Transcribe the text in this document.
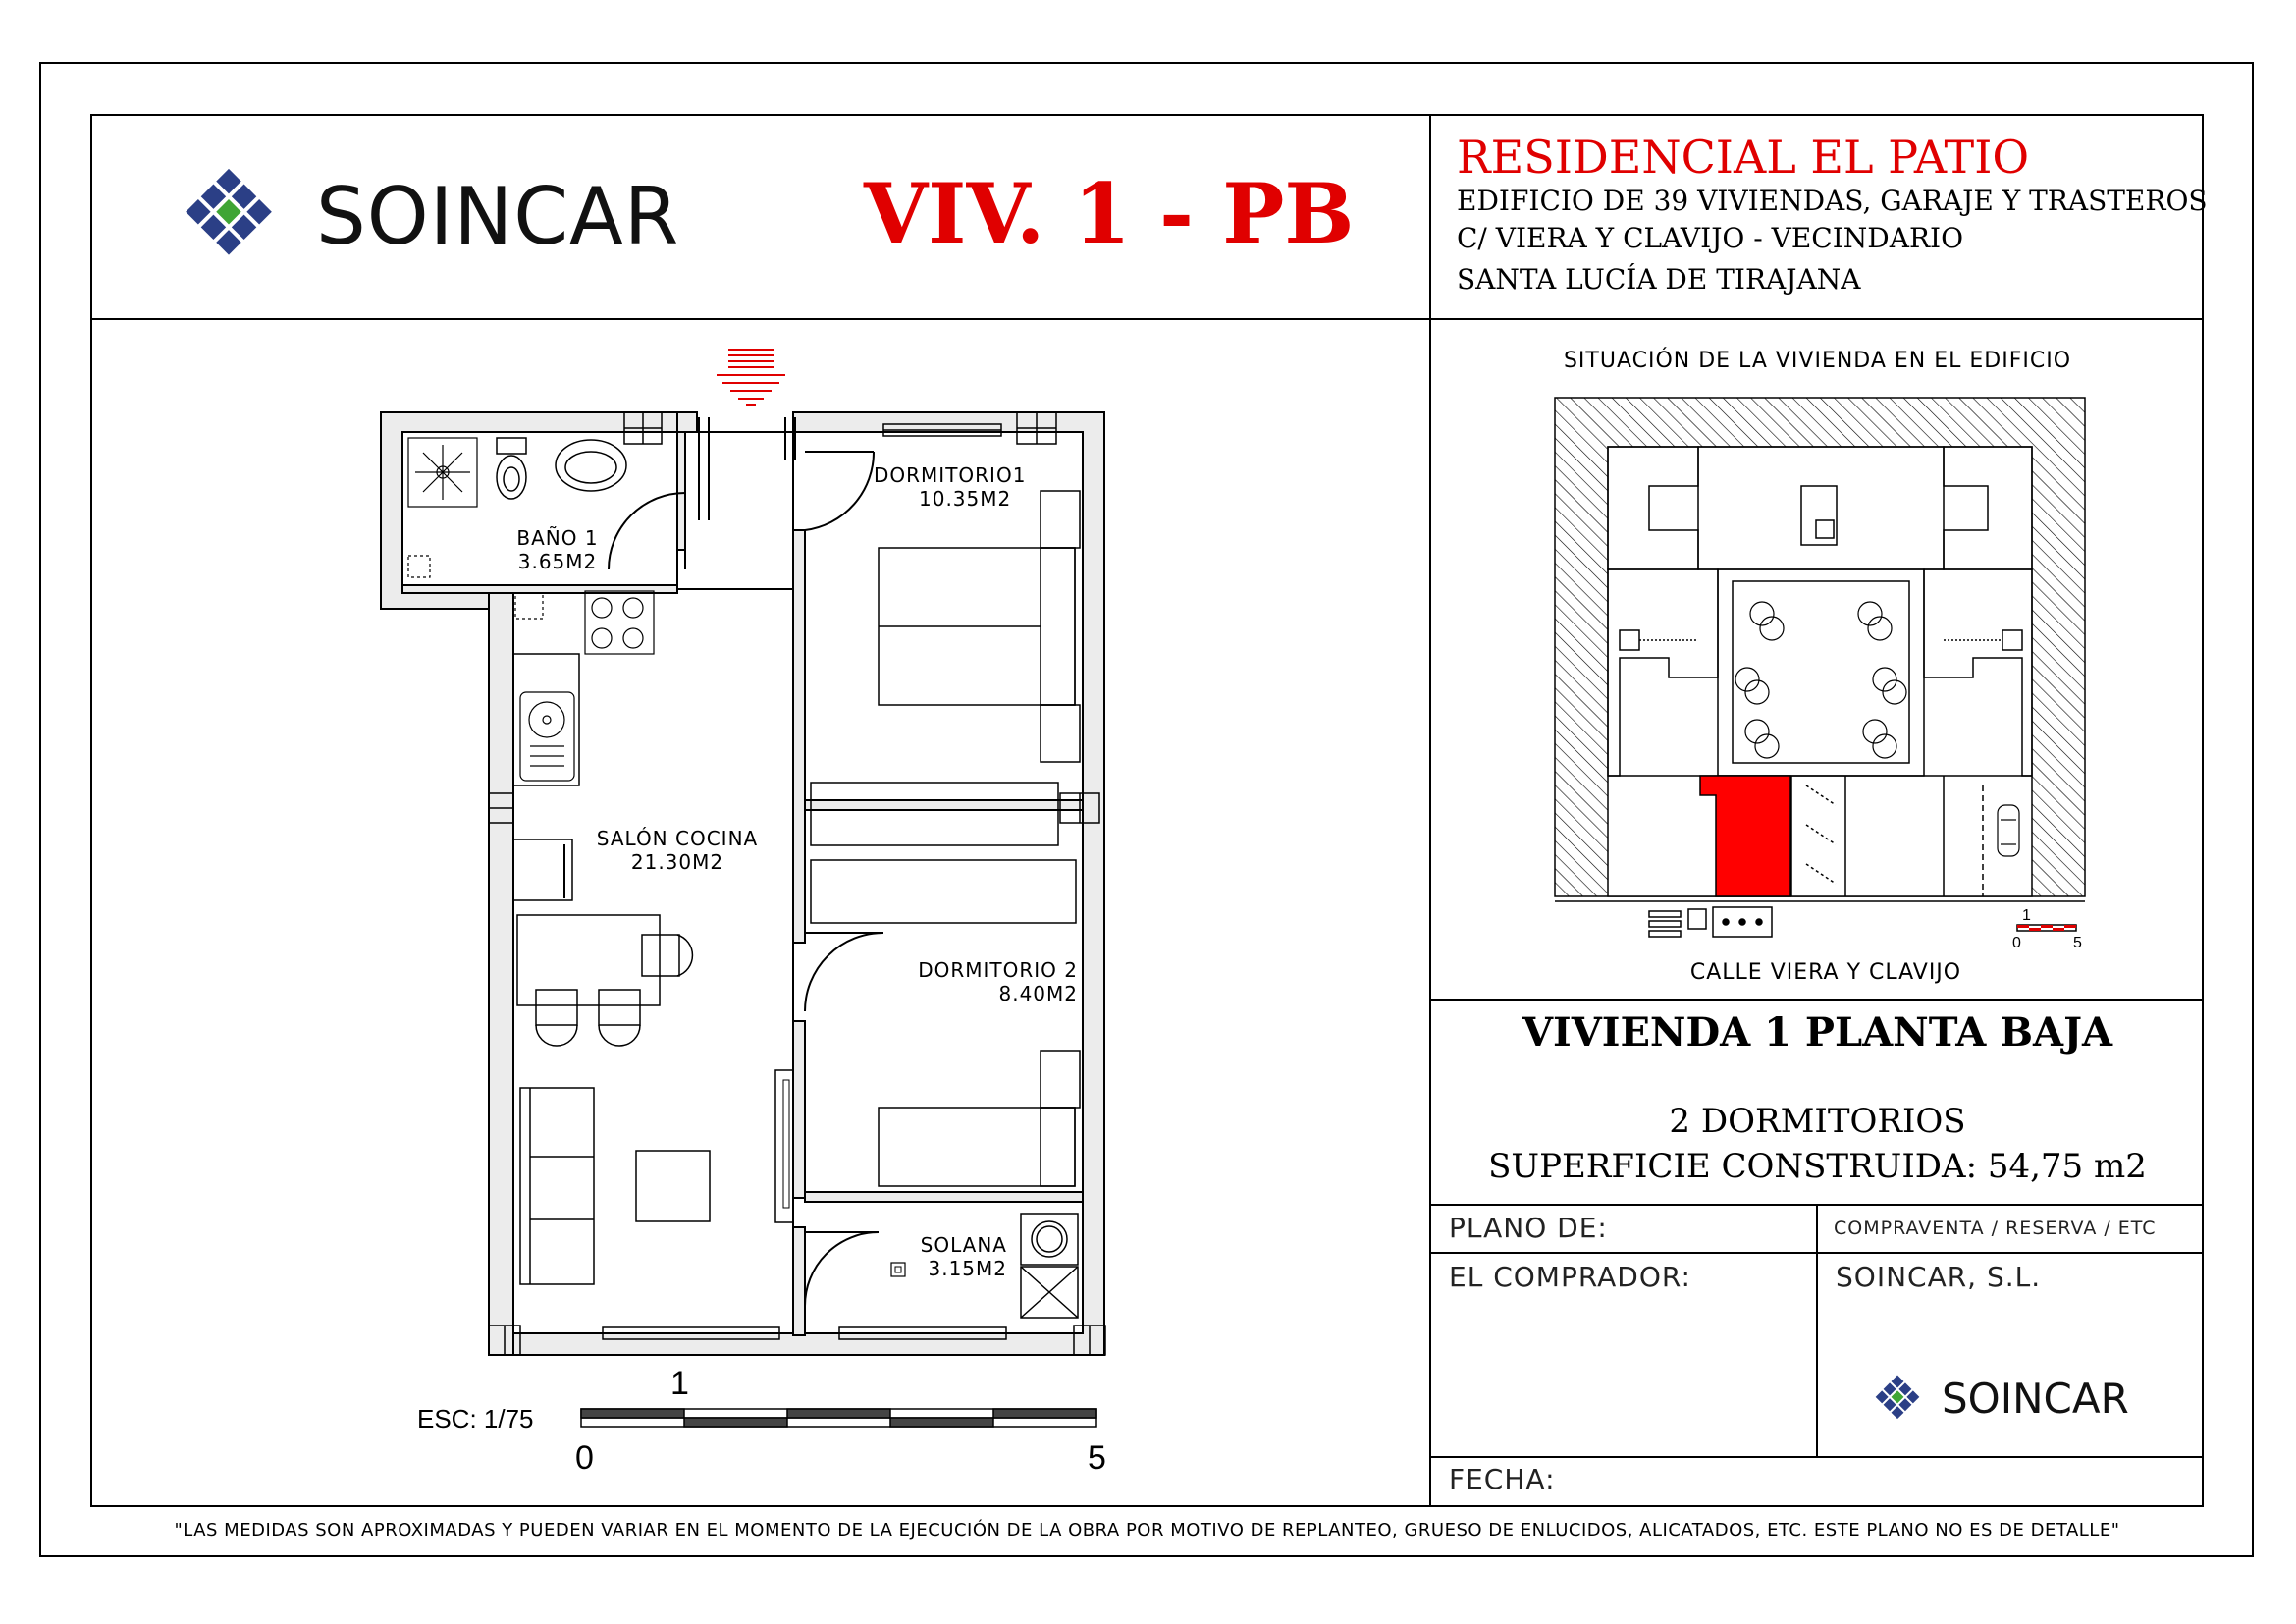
SOINCAR VIV. 1 - PB
RESIDENCIAL EL PATIO
EDIFICIO DE 39 VIVIENDAS, GARAJE Y TRASTEROS
C/ VIERA Y CLAVIJO - VECINDARIO
SANTA LUCÍA DE TIRAJANA
BAÑO 1
3.65M2
DORMITORIO1
10.35M2
SALÓN COCINA
21.30M2
DORMITORIO 2
8.40M2
SOLANA
3.15M2
ESC: 1/75
1
0	5
SITUACIÓN DE LA VIVIENDA EN EL EDIFICIO
1
0	5
CALLE VIERA Y CLAVIJO
VIVIENDA 1 PLANTA BAJA
2 DORMITORIOS
SUPERFICIE CONSTRUIDA: 54,75 m2
PLANO DE:	COMPRAVENTA / RESERVA / ETC
EL COMPRADOR:	SOINCAR, S.L.
SOINCAR
FECHA:
"LAS MEDIDAS SON APROXIMADAS Y PUEDEN VARIAR EN EL MOMENTO DE LA EJECUCIÓN DE LA OBRA POR MOTIVO DE REPLANTEO, GRUESO DE ENLUCIDOS, ALICATADOS, ETC. ESTE PLANO NO ES DE DETALLE"
